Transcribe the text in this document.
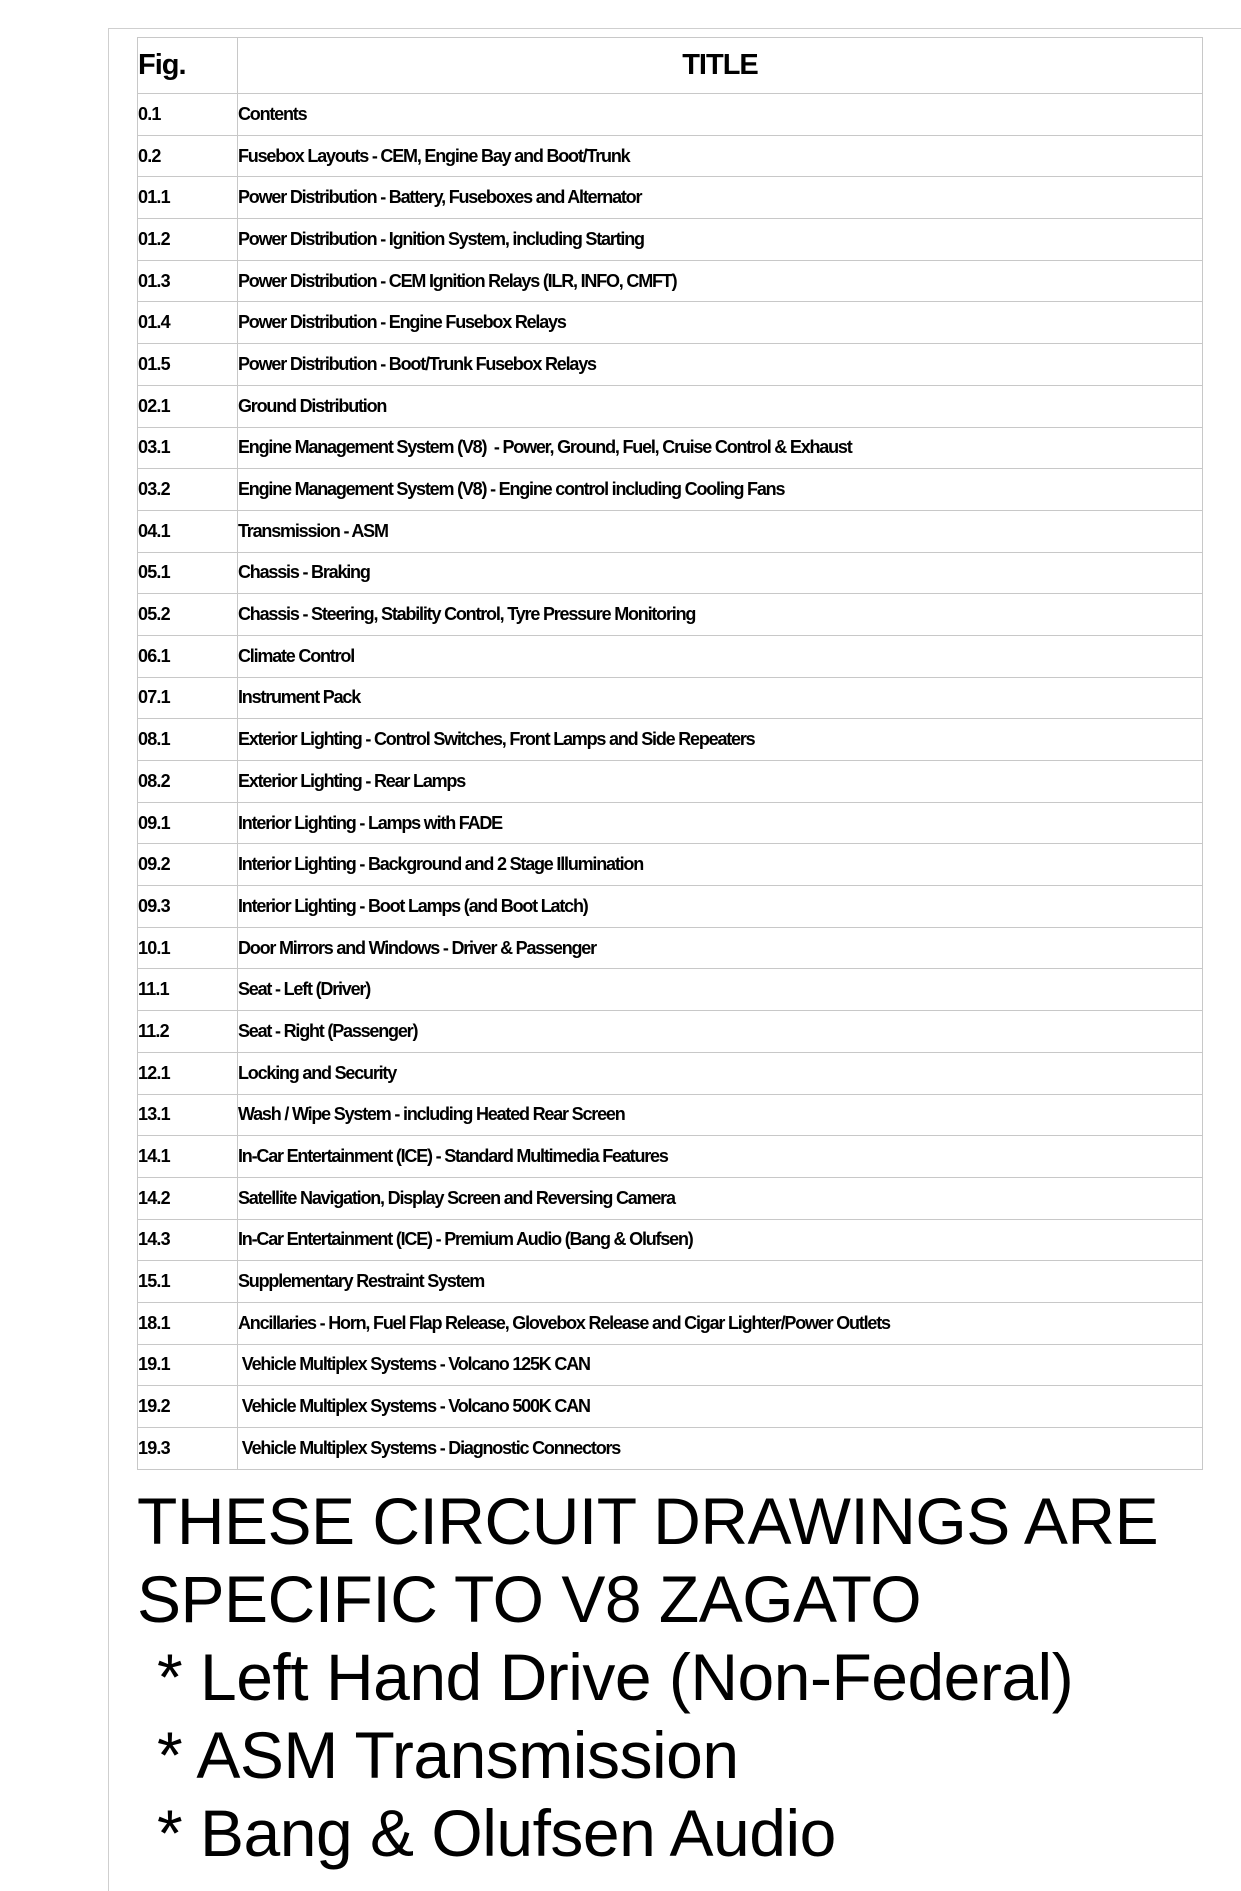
Fig.	TITLE
0.1	Contents
0.2	Fusebox Layouts - CEM, Engine Bay and Boot/Trunk
01.1	Power Distribution - Battery, Fuseboxes and Alternator
01.2	Power Distribution - Ignition System, including Starting
01.3	Power Distribution - CEM Ignition Relays (ILR, INFO, CMFT)
01.4	Power Distribution - Engine Fusebox Relays
01.5	Power Distribution - Boot/Trunk Fusebox Relays
02.1	Ground Distribution
03.1	Engine Management System (V8)  - Power, Ground, Fuel, Cruise Control & Exhaust
03.2	Engine Management System (V8) - Engine control including Cooling Fans
04.1	Transmission - ASM
05.1	Chassis - Braking
05.2	Chassis - Steering, Stability Control, Tyre Pressure Monitoring
06.1	Climate Control
07.1	Instrument Pack
08.1	Exterior Lighting - Control Switches, Front Lamps and Side Repeaters
08.2	Exterior Lighting - Rear Lamps
09.1	Interior Lighting - Lamps with FADE
09.2	Interior Lighting - Background and 2 Stage Illumination
09.3	Interior Lighting - Boot Lamps (and Boot Latch)
10.1	Door Mirrors and Windows - Driver & Passenger
11.1	Seat - Left (Driver)
11.2	Seat - Right (Passenger)
12.1	Locking and Security
13.1	Wash / Wipe System - including Heated Rear Screen
14.1	In-Car Entertainment (ICE) - Standard Multimedia Features
14.2	Satellite Navigation, Display Screen and Reversing Camera
14.3	In-Car Entertainment (ICE) - Premium Audio (Bang & Olufsen)
15.1	Supplementary Restraint System
18.1	Ancillaries - Horn, Fuel Flap Release, Glovebox Release and Cigar Lighter/Power Outlets
19.1	Vehicle Multiplex Systems - Volcano 125K CAN
19.2	Vehicle Multiplex Systems - Volcano 500K CAN
19.3	Vehicle Multiplex Systems - Diagnostic Connectors
THESE CIRCUIT DRAWINGS ARE
SPECIFIC TO V8 ZAGATO
* Left Hand Drive (Non-Federal)
* ASM Transmission
* Bang & Olufsen Audio
